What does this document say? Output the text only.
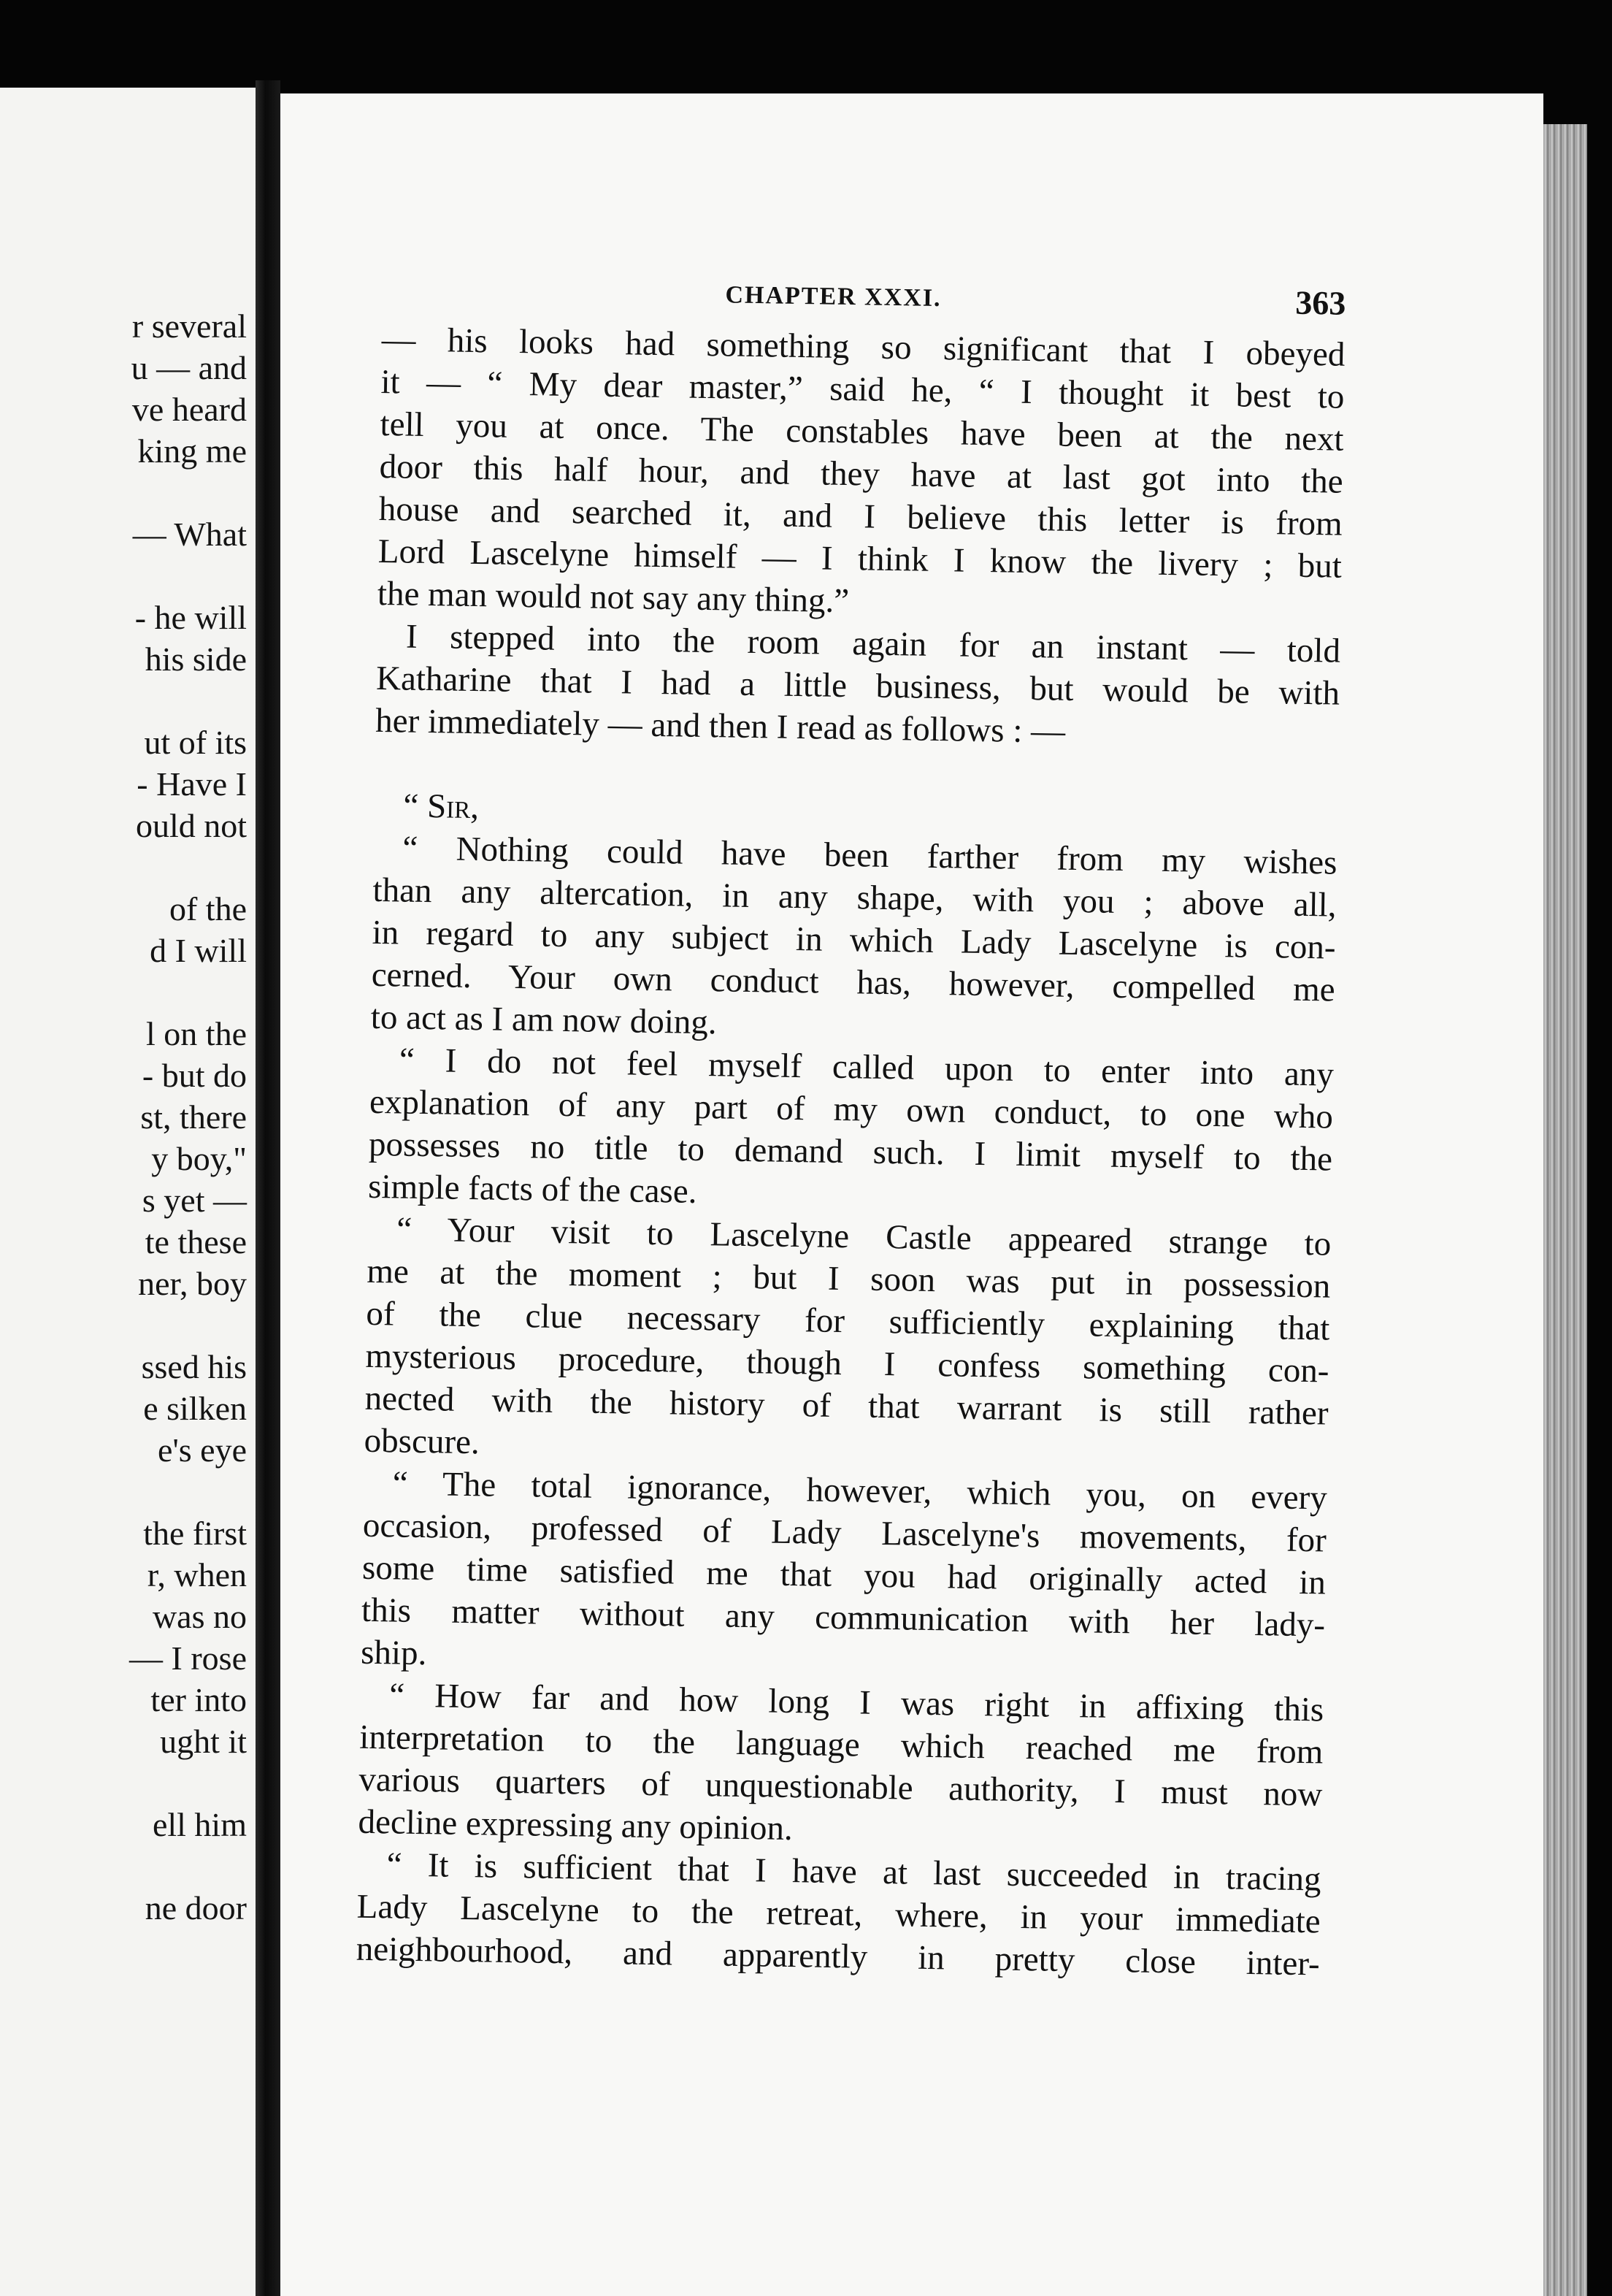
r several
u — and
ve heard
king me
— What
- he will
his side
ut of its
- Have I
ould not
of the
d I will
l on the
- but do
st, there
y boy,"
s yet —
te these
ner, boy
ssed his
e silken
e's eye
the first
r, when
was no
— I rose
ter into
ught it
ell him
ne door
CHAPTER XXXI.	363
— his looks had something so significant that I obeyed
it — “ My dear master,” said he, “ I thought it best to
tell you at once. The constables have been at the next
door this half hour, and they have at last got into the
house and searched it, and I believe this letter is from
Lord Lascelyne himself — I think I know the livery ; but
the man would not say any thing.”
I stepped into the room again for an instant — told
Katharine that I had a little business, but would be with
her immediately — and then I read as follows : —
“ Sir,
“ Nothing could have been farther from my wishes
than any altercation, in any shape, with you ; above all,
in regard to any subject in which Lady Lascelyne is con-
cerned. Your own conduct has, however, compelled me
to act as I am now doing.
“ I do not feel myself called upon to enter into any
explanation of any part of my own conduct, to one who
possesses no title to demand such. I limit myself to the
simple facts of the case.
“ Your visit to Lascelyne Castle appeared strange to
me at the moment ; but I soon was put in possession
of the clue necessary for sufficiently explaining that
mysterious procedure, though I confess something con-
nected with the history of that warrant is still rather
obscure.
“ The total ignorance, however, which you, on every
occasion, professed of Lady Lascelyne's movements, for
some time satisfied me that you had originally acted in
this matter without any communication with her lady-
ship.
“ How far and how long I was right in affixing this
interpretation to the language which reached me from
various quarters of unquestionable authority, I must now
decline expressing any opinion.
“ It is sufficient that I have at last succeeded in tracing
Lady Lascelyne to the retreat, where, in your immediate
neighbourhood, and apparently in pretty close inter-
